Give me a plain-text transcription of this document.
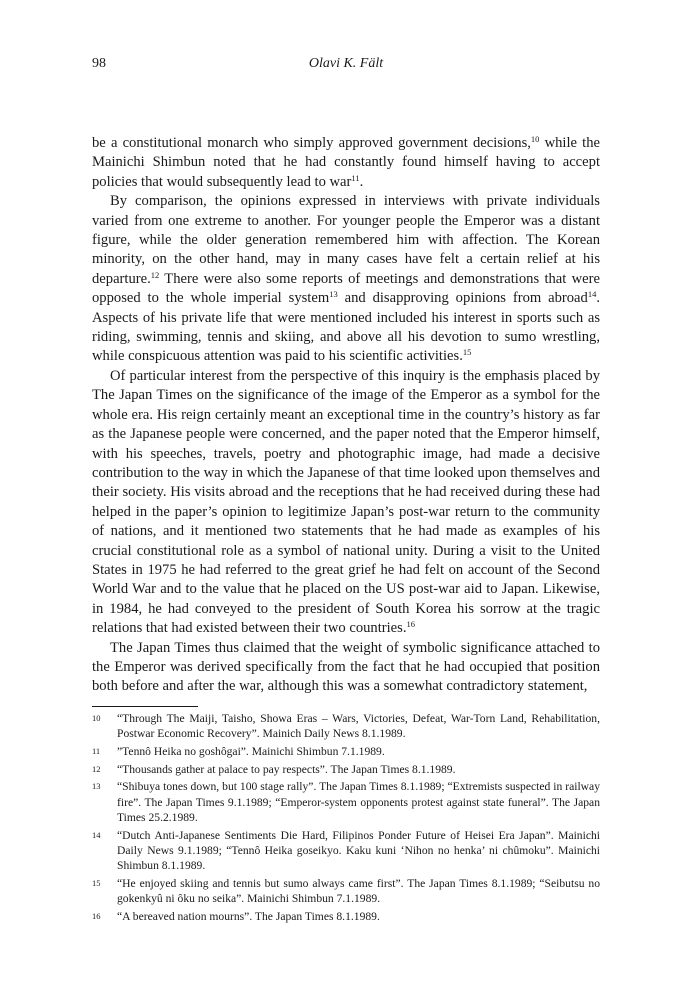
98	Olavi K. Fält

be a constitutional monarch who simply approved government decisions,$^{10}$ while the Mainichi Shimbun noted that he had constantly found himself having to accept policies that would subsequently lead to war$^{11}$.

By comparison, the opinions expressed in interviews with private individuals varied from one extreme to another. For younger people the Emperor was a distant figure, while the older generation remembered him with affection. The Korean minority, on the other hand, may in many cases have felt a certain relief at his departure.$^{12}$ There were also some reports of meetings and demonstrations that were opposed to the whole imperial system$^{13}$ and disapproving opinions from abroad$^{14}$. Aspects of his private life that were mentioned included his interest in sports such as riding, swimming, tennis and skiing, and above all his devotion to sumo wrestling, while conspicuous attention was paid to his scientific activities.$^{15}$

Of particular interest from the perspective of this inquiry is the emphasis placed by The Japan Times on the significance of the image of the Emperor as a symbol for the whole era. His reign certainly meant an exceptional time in the country’s history as far as the Japanese people were concerned, and the paper noted that the Emperor himself, with his speeches, travels, poetry and photographic image, had made a decisive contribution to the way in which the Japanese of that time looked upon themselves and their society. His visits abroad and the receptions that he had received during these had helped in the paper’s opinion to legitimize Japan’s post-war return to the community of nations, and it mentioned two statements that he had made as examples of his crucial constitutional role as a symbol of national unity. During a visit to the United States in 1975 he had referred to the great grief he had felt on account of the Second World War and to the value that he placed on the US post-war aid to Japan. Likewise, in 1984, he had conveyed to the president of South Korea his sorrow at the tragic relations that had existed between their two countries.$^{16}$

The Japan Times thus claimed that the weight of symbolic significance attached to the Emperor was derived specifically from the fact that he had occupied that position both before and after the war, although this was a somewhat contradictory statement,

10	“Through The Maiji, Taisho, Showa Eras – Wars, Victories, Defeat, War-Torn Land, Rehabilitation, Postwar Economic Recovery”. Mainich Daily News 8.1.1989.
11	”Tennô Heika no goshôgai”. Mainichi Shimbun 7.1.1989.
12	“Thousands gather at palace to pay respects”. The Japan Times 8.1.1989.
13	“Shibuya tones down, but 100 stage rally”. The Japan Times 8.1.1989; “Extremists suspected in railway fire”. The Japan Times 9.1.1989; “Emperor-system opponents protest against state funeral”. The Japan Times 25.2.1989.
14	“Dutch Anti-Japanese Sentiments Die Hard, Filipinos Ponder Future of Heisei Era Japan”. Mainichi Daily News 9.1.1989; “Tennô Heika goseikyo. Kaku kuni ‘Nihon no henka’ ni chûmoku”. Mainichi Shimbun 8.1.1989.
15	“He enjoyed skiing and tennis but sumo always came first”. The Japan Times 8.1.1989; “Seibutsu no gokenkyû ni ôku no seika”. Mainichi Shimbun 7.1.1989.
16	“A bereaved nation mourns”. The Japan Times 8.1.1989.
